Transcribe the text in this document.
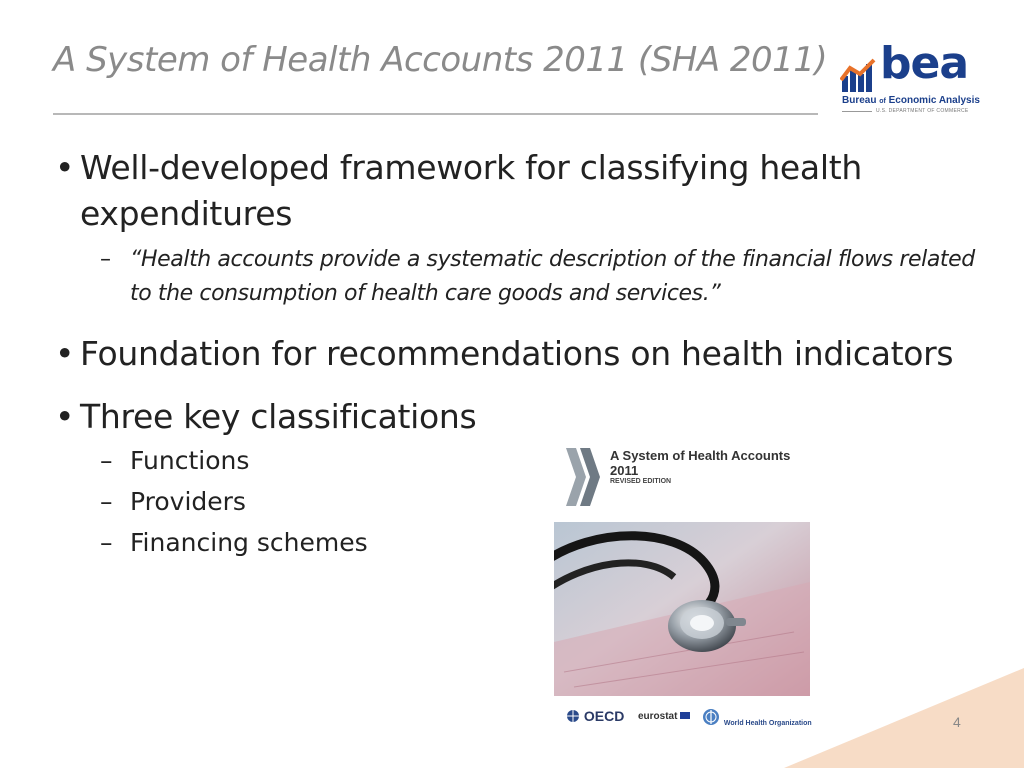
A System of Health Accounts 2011 (SHA 2011) bea
Bureau of Economic Analysis
U.S. DEPARTMENT OF COMMERCE
• Well-developed framework for classifying health expenditures
– “Health accounts provide a systematic description of the financial flows related to the consumption of health care goods and services.”
• Foundation for recommendations on health indicators
• Three key classifications
– Functions
– Providers
– Financing schemes
A System of Health Accounts 2011
REVISED EDITION
OECD eurostat
World Health Organization	4
